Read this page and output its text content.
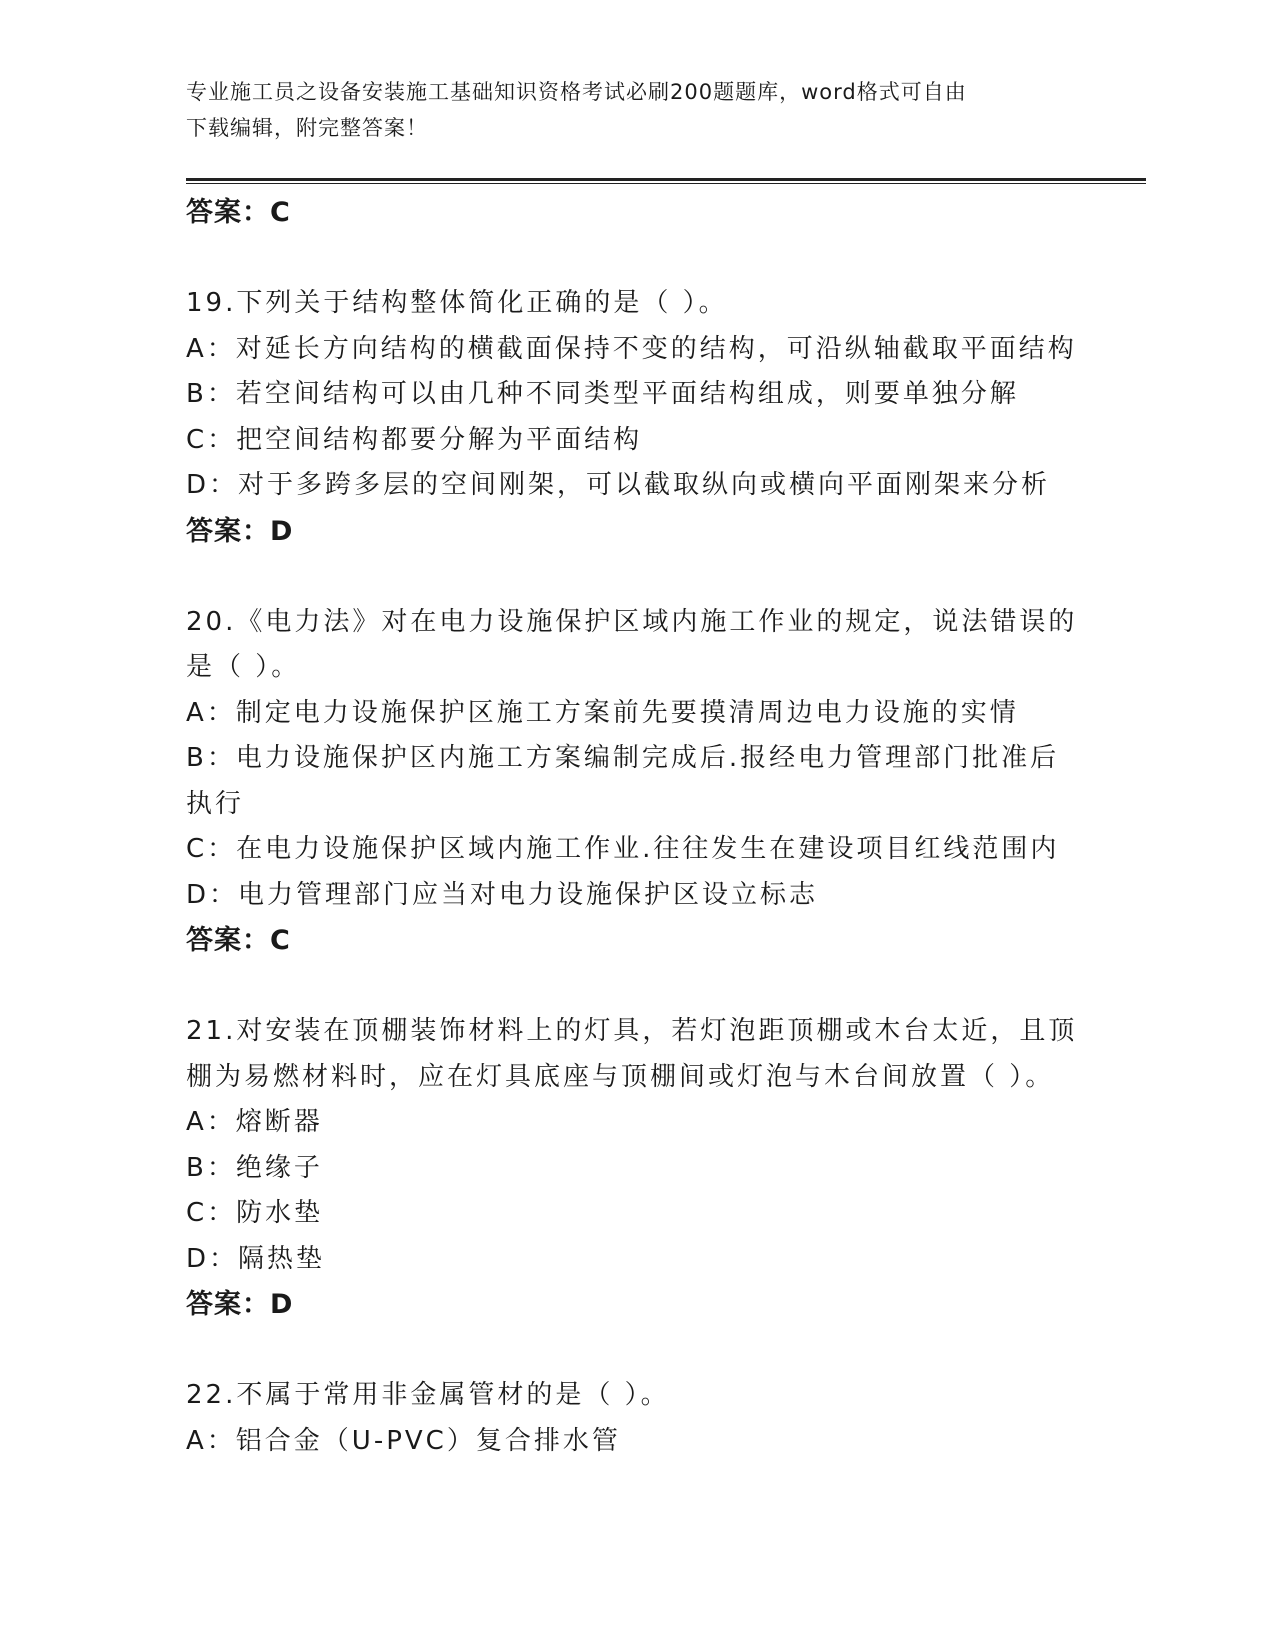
专业施工员之设备安装施工基础知识资格考试必刷200题题库，word格式可自由
下载编辑，附完整答案！
答案：C
19.下列关于结构整体简化正确的是（ ）。
A：对延长方向结构的横截面保持不变的结构，可沿纵轴截取平面结构
B：若空间结构可以由几种不同类型平面结构组成，则要单独分解
C：把空间结构都要分解为平面结构
D：对于多跨多层的空间刚架，可以截取纵向或横向平面刚架来分析
答案：D
20.《电力法》对在电力设施保护区域内施工作业的规定，说法错误的
是（ ）。
A：制定电力设施保护区施工方案前先要摸清周边电力设施的实情
B：电力设施保护区内施工方案编制完成后.报经电力管理部门批准后
执行
C：在电力设施保护区域内施工作业.往往发生在建设项目红线范围内
D：电力管理部门应当对电力设施保护区设立标志
答案：C
21.对安装在顶棚装饰材料上的灯具，若灯泡距顶棚或木台太近，且顶
棚为易燃材料时，应在灯具底座与顶棚间或灯泡与木台间放置（ ）。
A：熔断器
B：绝缘子
C：防水垫
D：隔热垫
答案：D
22.不属于常用非金属管材的是（ ）。
A：铝合金（U-PVC）复合排水管
